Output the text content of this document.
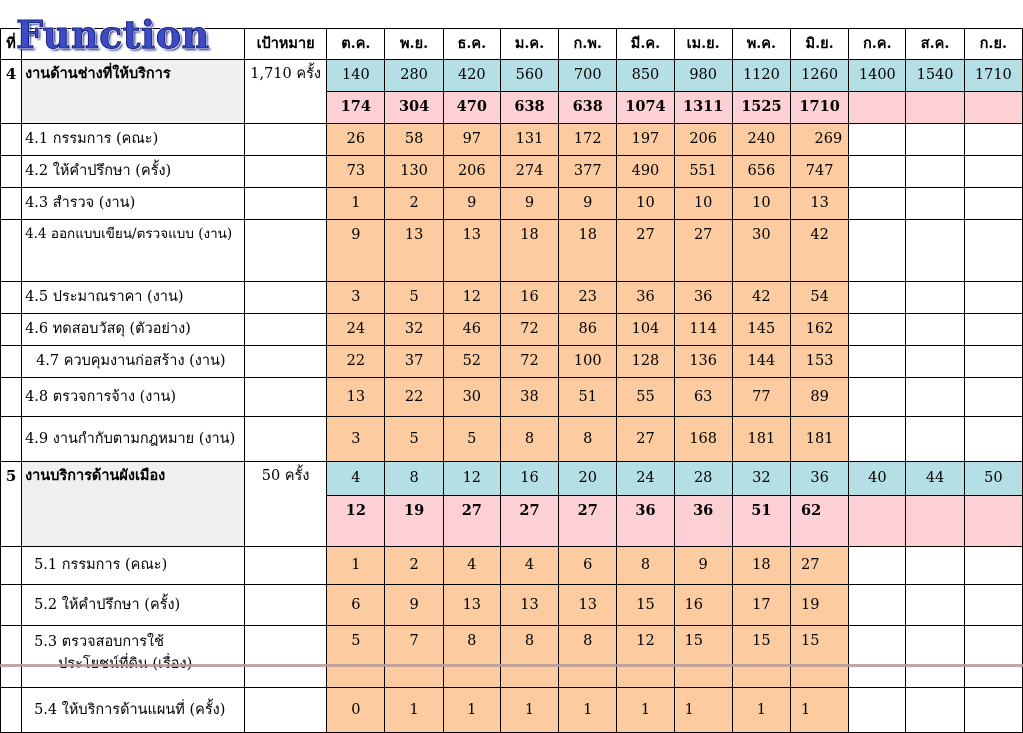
Function
ที่		เป้าหมาย	ต.ค.	พ.ย.	ธ.ค.	ม.ค.	ก.พ.	มี.ค.	เม.ย.	พ.ค.	มิ.ย.	ก.ค.	ส.ค.	ก.ย.
4	งานด้านช่างที่ให้บริการ	1,710 ครั้ง	140	280	420	560	700	850	980	1120	1260	1400	1540	1710
			174	304	470	638	638	1074	1311	1525	1710			
	4.1 กรรมการ (คณะ)		26	58	97	131	172	197	206	240	269			
	4.2 ให้คำปรึกษา (ครั้ง)		73	130	206	274	377	490	551	656	747			
	4.3 สำรวจ (งาน)		1	2	9	9	9	10	10	10	13			
	4.4 ออกแบบเขียน/ตรวจแบบ (งาน)		9	13	13	18	18	27	27	30	42			
	4.5 ประมาณราคา (งาน)		3	5	12	16	23	36	36	42	54			
	4.6 ทดสอบวัสดุ (ตัวอย่าง)		24	32	46	72	86	104	114	145	162			
	4.7 ควบคุมงานก่อสร้าง (งาน)		22	37	52	72	100	128	136	144	153			
	4.8 ตรวจการจ้าง (งาน)		13	22	30	38	51	55	63	77	89			
	4.9 งานกำกับตามกฎหมาย (งาน)		3	5	5	8	8	27	168	181	181			
5	งานบริการด้านผังเมือง	50 ครั้ง	4	8	12	16	20	24	28	32	36	40	44	50
			12	19	27	27	27	36	36	51	62			
	5.1 กรรมการ (คณะ)		1	2	4	4	6	8	9	18	27			
	5.2 ให้คำปรึกษา (ครั้ง)		6	9	13	13	13	15	16	17	19			

	5.3 ตรวจสอบการใช้		5	7	8	8	8	12	15	15	15			
	5.4 ให้บริการด้านแผนที่ (ครั้ง)		0	1	1	1	1	1	1	1	1			
